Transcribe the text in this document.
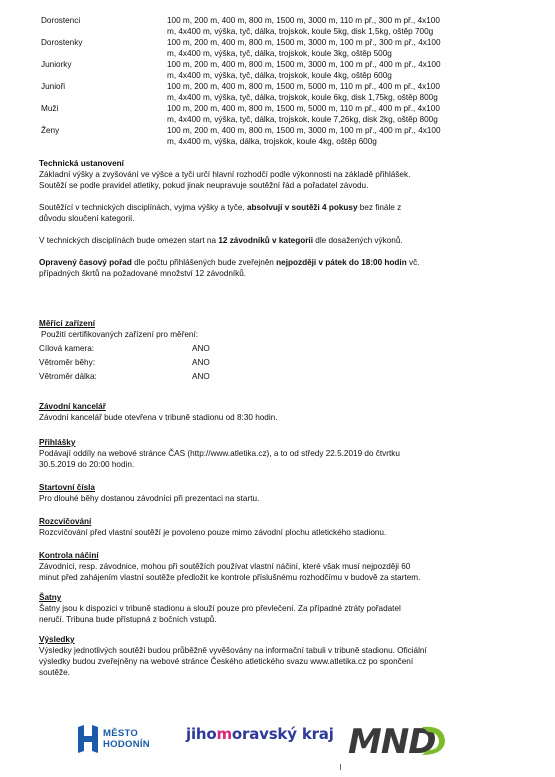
Dorostenci	100 m, 200 m, 400 m, 800 m, 1500 m, 3000 m, 110 m př., 300 m př., 4x100
m, 4x400 m, výška, tyč, dálka, trojskok, koule 5kg, disk 1,5kg, oštěp 700g
Dorostenky	100 m, 200 m, 400 m, 800 m, 1500 m, 3000 m, 100 m př., 300 m př., 4x100
m, 4x400 m, výška, tyč, dálka, trojskok, koule 3kg, oštěp 500g
Juniorky	100 m, 200 m, 400 m, 800 m, 1500 m, 3000 m, 100 m př., 400 m př., 4x100
m, 4x400 m, výška, tyč, dálka, trojskok, koule 4kg, oštěp 600g
Junioři	100 m, 200 m, 400 m, 800 m, 1500 m, 5000 m, 110 m př., 400 m př., 4x100
m, 4x400 m, výška, tyč, dálka, trojskok, koule 6kg, disk 1,75kg, oštěp 800g
Muži	100 m, 200 m, 400 m, 800 m, 1500 m, 5000 m, 110 m př., 400 m př., 4x100
m, 4x400 m, výška, tyč, dálka, trojskok, koule 7,26kg, disk 2kg, oštěp 800g
Ženy	100 m, 200 m, 400 m, 800 m, 1500 m, 3000 m, 100 m př., 400 m př., 4x100
m, 4x400 m, výška, dálka, trojskok, koule 4kg, oštěp 600g
Technická ustanovení
Základní výšky a zvyšování ve výšce a tyči určí hlavní rozhodčí podle výkonnosti na základě přihlášek.
Soutěží se podle pravidel atletiky, pokud jinak neupravuje soutěžní řád a pořadatel závodu.
Soutěžící v technických disciplínách, vyjma výšky a tyče, absolvují v soutěži 4 pokusy bez finále z
důvodu sloučení kategorií.
V technických disciplínách bude omezen start na 12 závodníků v kategorii dle dosažených výkonů.
Opravený časový pořad dle počtu přihlášených bude zveřejněn nejpozději v pátek do 18:00 hodin vč.
případných škrtů na požadované množství 12 závodníků.
Měřící zařízení
Použití certifikovaných zařízení pro měření:
Cílová kamera:	ANO
Větroměr běhy:	ANO
Větroměr dálka:	ANO
Závodní kancelář
Závodní kancelář bude otevřena v tribuně stadionu od 8:30 hodin.
Přihlášky
Podávají oddíly na webové stránce ČAS (http://www.atletika.cz), a to od středy 22.5.2019 do čtvrtku
30.5.2019 do 20:00 hodin.
Startovní čísla
Pro dlouhé běhy dostanou závodníci při prezentaci na startu.
Rozcvičování
Rozcvičování před vlastní soutěží je povoleno pouze mimo závodní plochu atletického stadionu.
Kontrola náčiní
Závodníci, resp. závodnice, mohou při soutěžích používat vlastní náčiní, které však musí nejpozději 60
minut před zahájením vlastní soutěže předložit ke kontrole příslušnému rozhodčímu v budově za startem.
Šatny
Šatny jsou k dispozici v tribuně stadionu a slouží pouze pro převlečení. Za případné ztráty pořadatel
neručí. Tribuna bude přístupná z bočních vstupů.
Výsledky
Výsledky jednotlivých soutěží budou průběžně vyvěšovány na informační tabuli v tribuně stadionu. Oficiální
výsledky budou zveřejněny na webové stránce Českého atletického svazu www.atletika.cz po spončení
soutěže.
MĚSTO
HODONÍN
jihomoravský kraj MND
